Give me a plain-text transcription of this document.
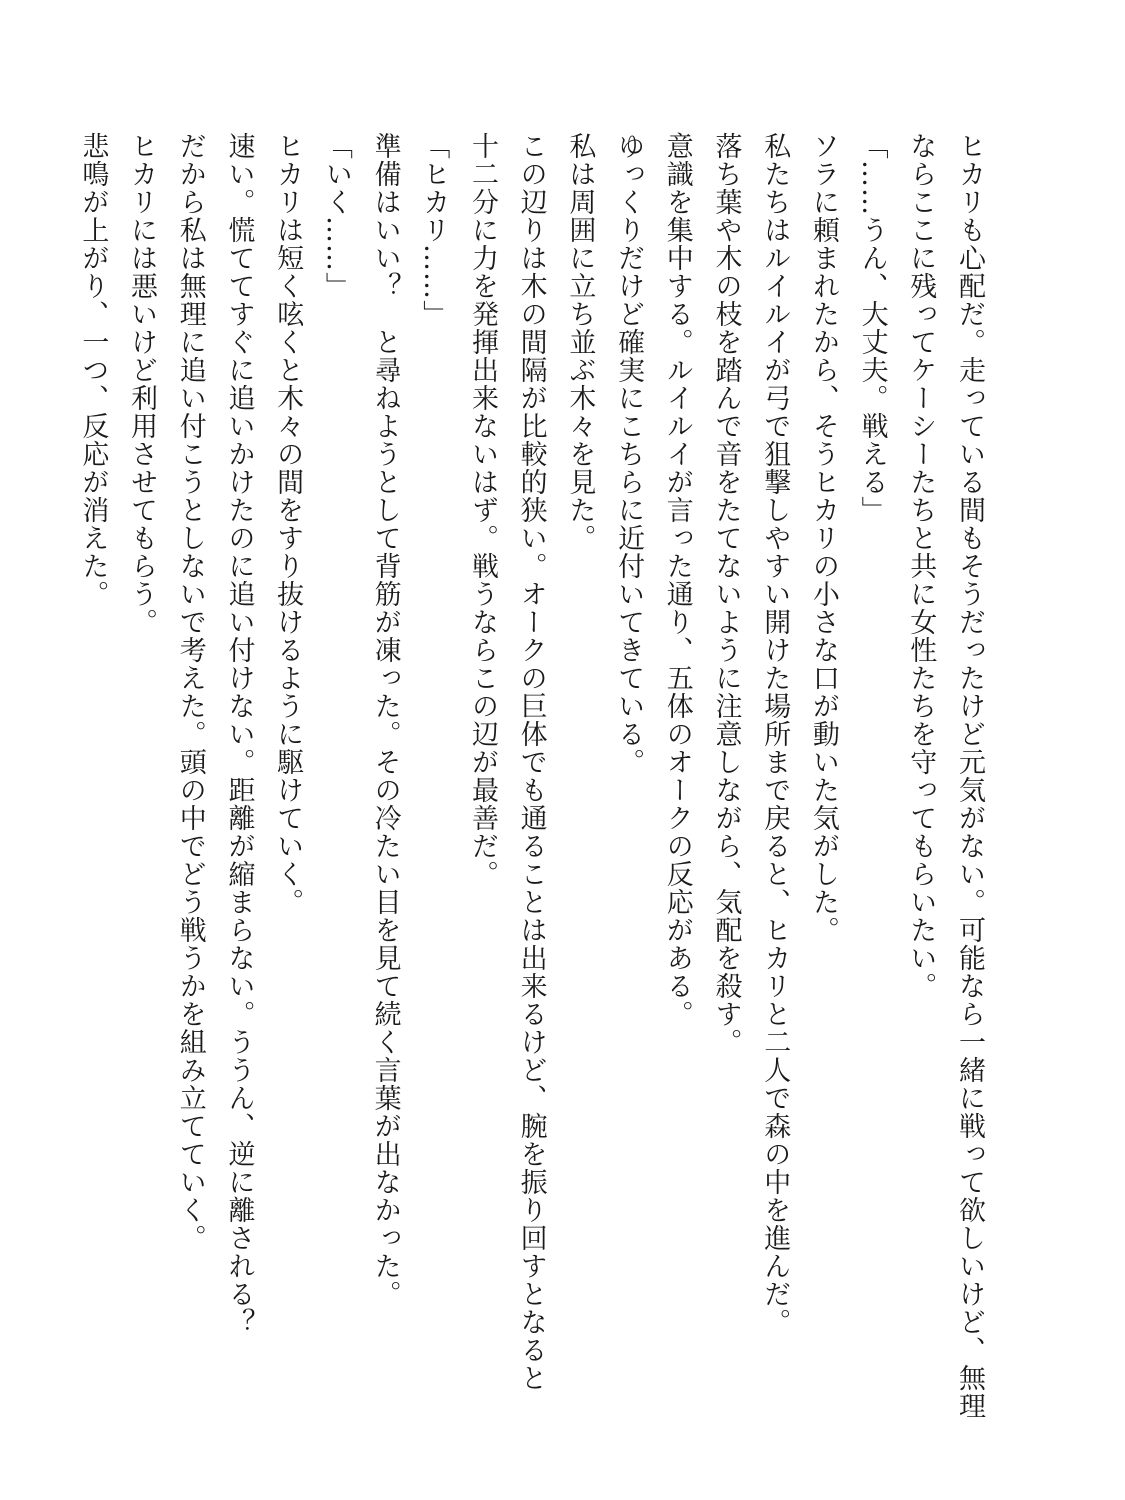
ヒカリも心配だ。走っている間もそうだったけど元気がない。可能なら一緒に戦って欲しいけど、無理
ならここに残ってケーシーたちと共に女性たちを守ってもらいたい。
「……うん、大丈夫。戦える」
ソラに頼まれたから、そうヒカリの小さな口が動いた気がした。
私たちはルイルイが弓で狙撃しやすい開けた場所まで戻ると、ヒカリと二人で森の中を進んだ。
落ち葉や木の枝を踏んで音をたてないように注意しながら、気配を殺す。
意識を集中する。ルイルイが言った通り、五体のオークの反応がある。
ゆっくりだけど確実にこちらに近付いてきている。
私は周囲に立ち並ぶ木々を見た。
この辺りは木の間隔が比較的狭い。オークの巨体でも通ることは出来るけど、腕を振り回すとなると
十二分に力を発揮出来ないはず。戦うならこの辺が最善だ。
「ヒカリ……」
準備はいい？　と尋ねようとして背筋が凍った。その冷たい目を見て続く言葉が出なかった。
「いく……」
ヒカリは短く呟くと木々の間をすり抜けるように駆けていく。
速い。慌ててすぐに追いかけたのに追い付けない。距離が縮まらない。ううん、逆に離される？
だから私は無理に追い付こうとしないで考えた。頭の中でどう戦うかを組み立てていく。
ヒカリには悪いけど利用させてもらう。
悲鳴が上がり、一つ、反応が消えた。
